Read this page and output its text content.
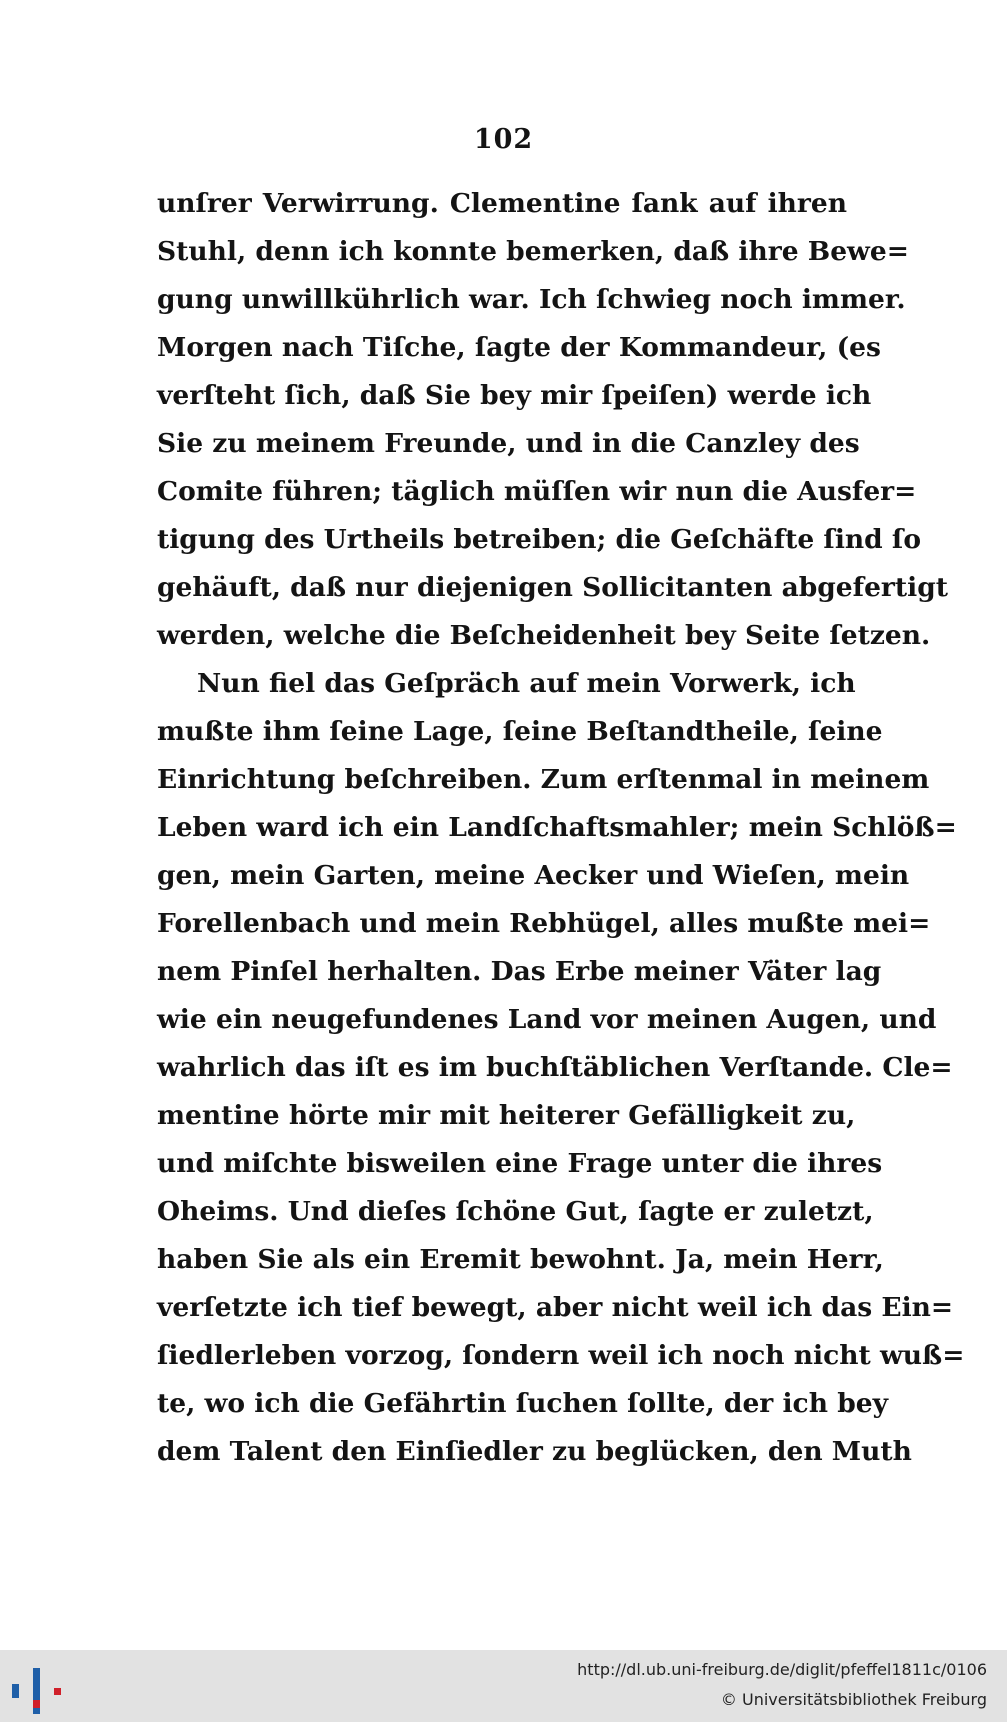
102
unſrer Verwirrung. Clementine ſank auf ihren
Stuhl, denn ich konnte bemerken, daß ihre Bewe=
gung unwillkührlich war. Ich ſchwieg noch immer.
Morgen nach Tiſche, ſagte der Kommandeur, (es
verſteht ſich, daß Sie bey mir ſpeiſen) werde ich
Sie zu meinem Freunde, und in die Canzley des
Comite führen; täglich müſſen wir nun die Ausfer=
tigung des Urtheils betreiben; die Geſchäfte ſind ſo
gehäuft, daß nur diejenigen Sollicitanten abgefertigt
werden, welche die Beſcheidenheit bey Seite ſetzen.
Nun fiel das Geſpräch auf mein Vorwerk, ich
mußte ihm ſeine Lage, ſeine Beſtandtheile, ſeine
Einrichtung beſchreiben. Zum erſtenmal in meinem
Leben ward ich ein Landſchaftsmahler; mein Schlöß=
gen, mein Garten, meine Aecker und Wieſen, mein
Forellenbach und mein Rebhügel, alles mußte mei=
nem Pinſel herhalten. Das Erbe meiner Väter lag
wie ein neugefundenes Land vor meinen Augen, und
wahrlich das iſt es im buchſtäblichen Verſtande. Cle=
mentine hörte mir mit heiterer Gefälligkeit zu,
und miſchte bisweilen eine Frage unter die ihres
Oheims. Und dieſes ſchöne Gut, ſagte er zuletzt,
haben Sie als ein Eremit bewohnt. Ja, mein Herr,
verſetzte ich tief bewegt, aber nicht weil ich das Ein=
ſiedlerleben vorzog, ſondern weil ich noch nicht wuß=
te, wo ich die Gefährtin ſuchen ſollte, der ich bey
dem Talent den Einſiedler zu beglücken, den Muth
http://dl.ub.uni-freiburg.de/diglit/pfeffel1811c/0106
© Universitätsbibliothek Freiburg
